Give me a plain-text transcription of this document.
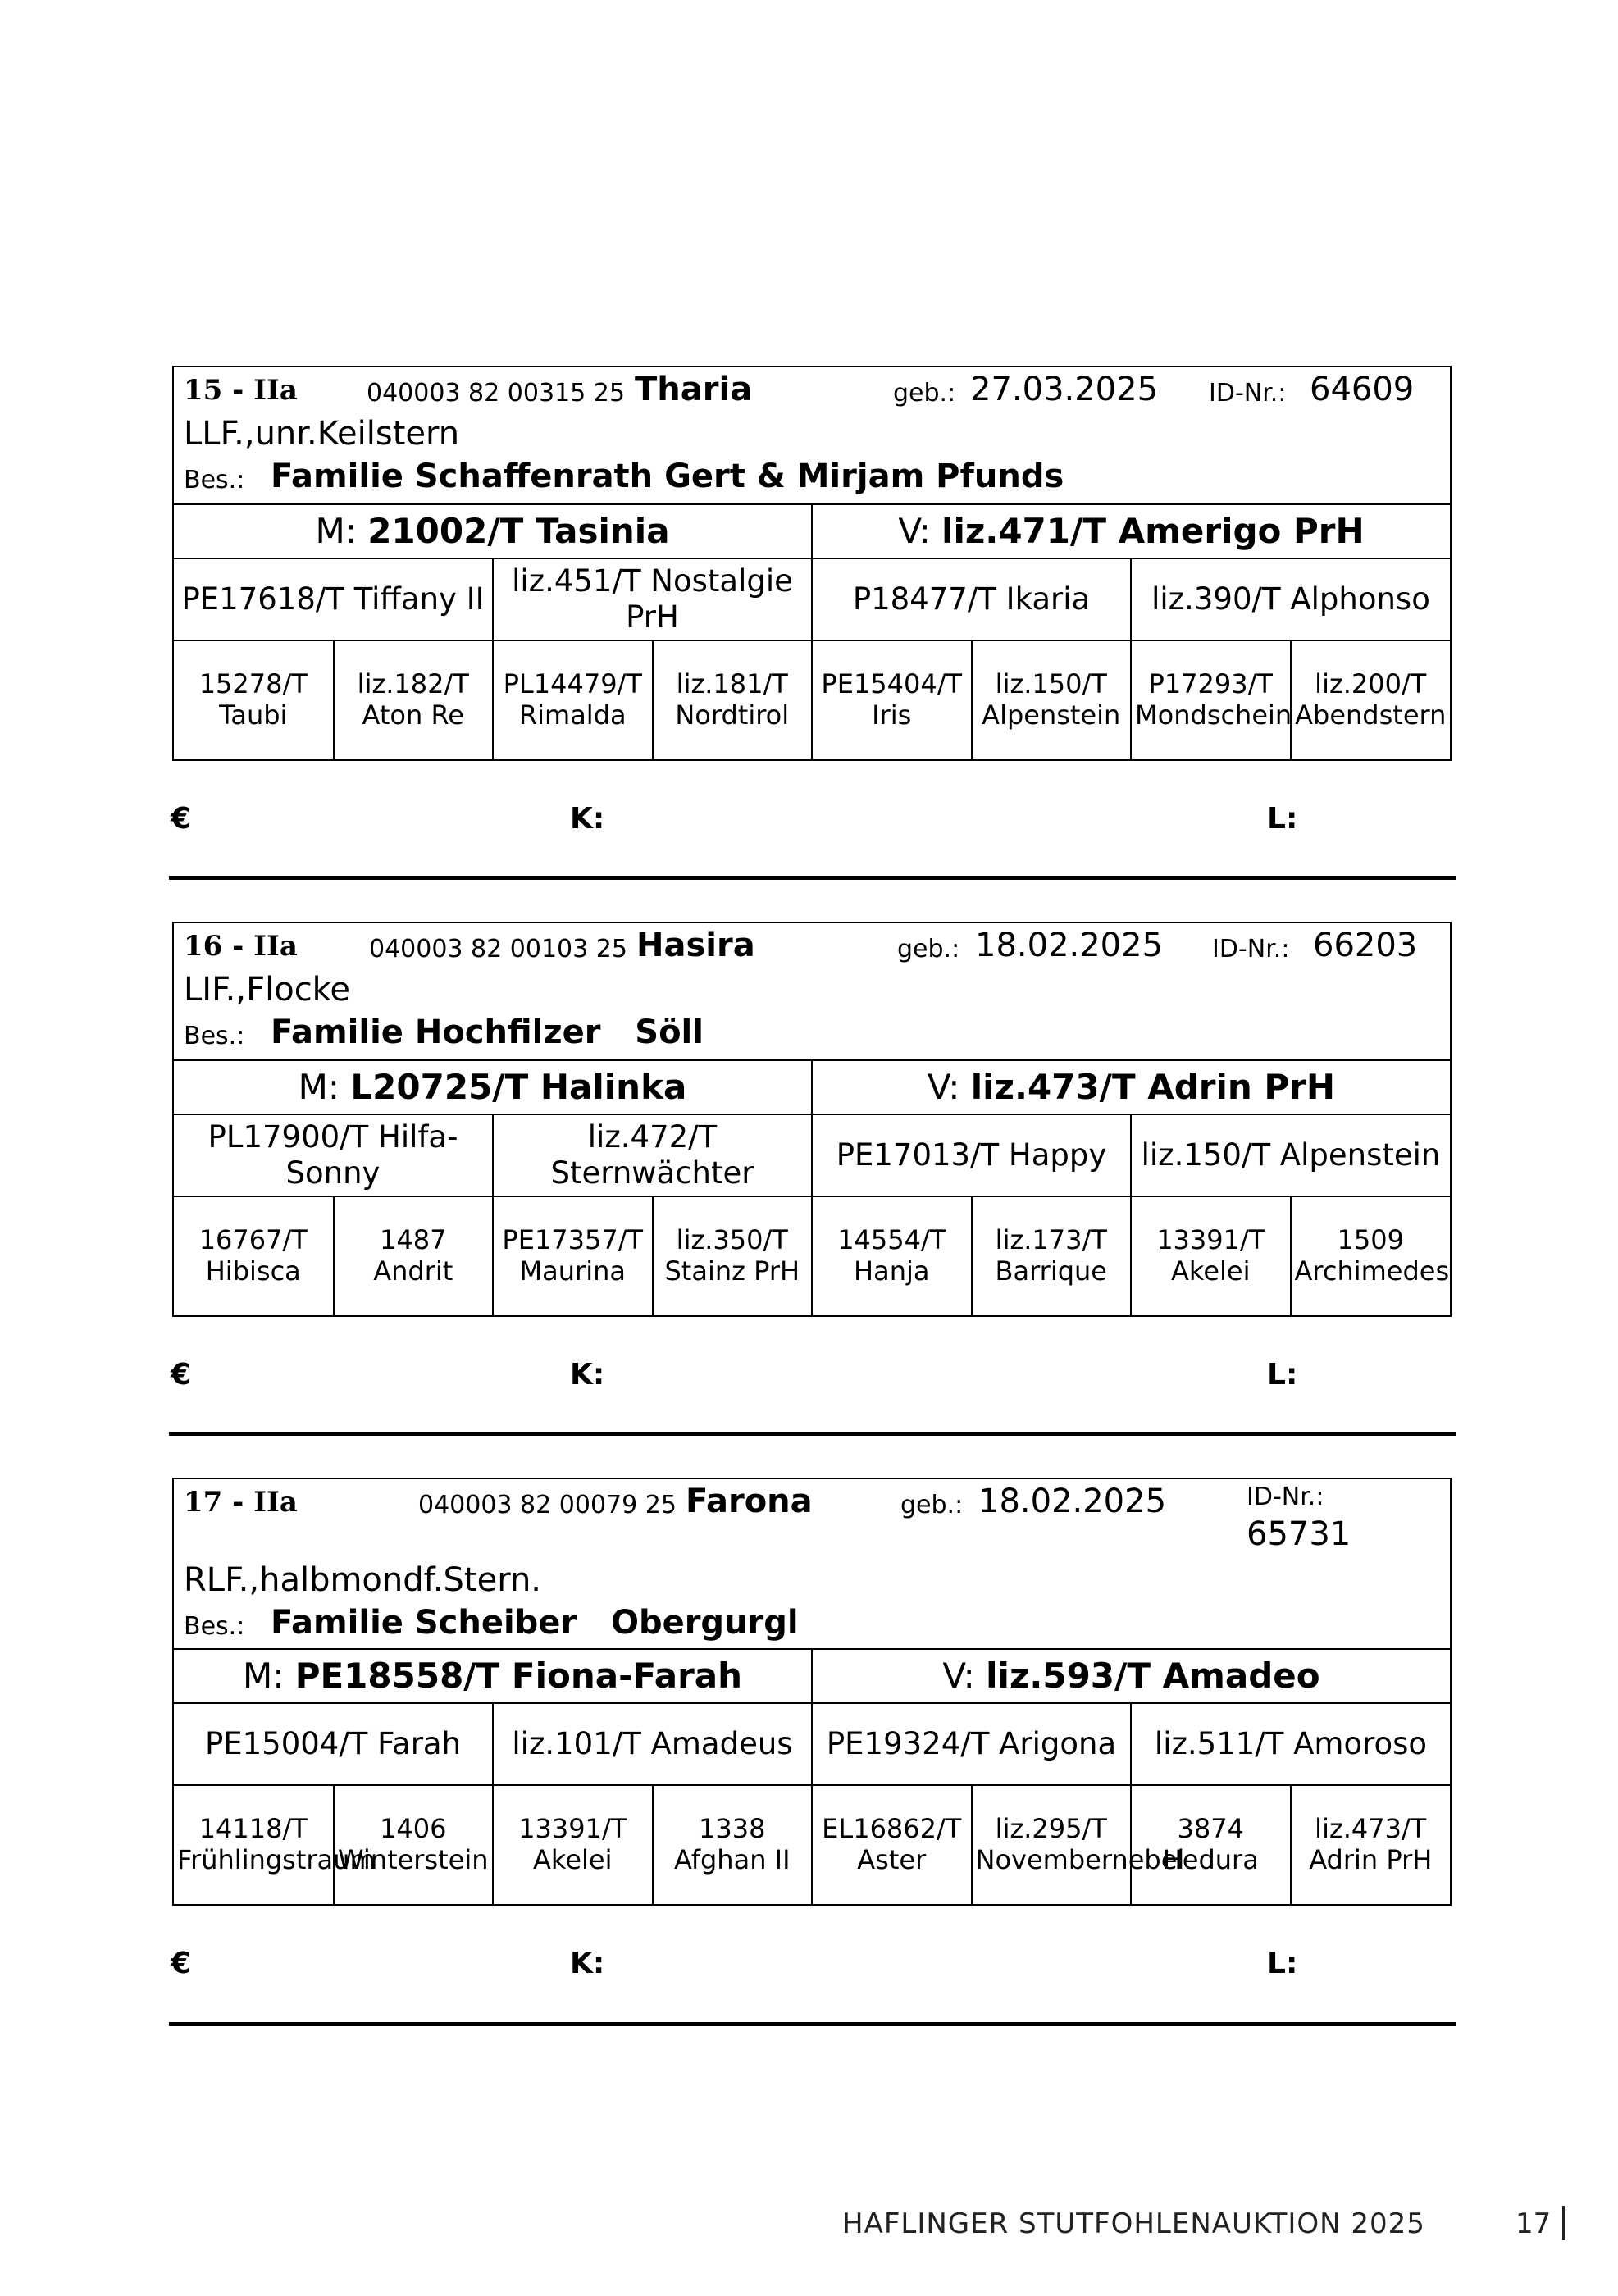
15 - IIa	040003 82 00315 25 Tharia	geb.: 27.03.2025 ID-Nr.: 64609
LLF.,unr.Keilstern
Bes.: Familie Schaffenrath Gert & Mirjam Pfunds
M: 21002/T Tasinia				V: liz.471/T Amerigo PrH			
PE17618/T Tiffany II		liz.451/T Nostalgie PrH		P18477/T Ikaria		liz.390/T Alphonso	
15278/T Taubi	liz.182/T Aton Re	PL14479/T Rimalda	liz.181/T Nordtirol	PE15404/T Iris	liz.150/T Alpenstein	P17293/T Mondschein	liz.200/T Abendstern
€	K:	L:
16 - IIa	040003 82 00103 25 Hasira	geb.: 18.02.2025 ID-Nr.: 66203
LIF.,Flocke
Bes.: Familie Hochfilzer   Söll
M: L20725/T Halinka				V: liz.473/T Adrin PrH			
PL17900/T Hilfa-Sonny		liz.472/T Sternwächter		PE17013/T Happy		liz.150/T Alpenstein	
16767/T Hibisca	1487 Andrit	PE17357/T Maurina	liz.350/T Stainz PrH	14554/T Hanja	liz.173/T Barrique	13391/T Akelei	1509 Archimedes
€	K:	L:
17 - IIa	040003 82 00079 25 Farona	geb.: 18.02.2025	ID-Nr.:
65731
RLF.,halbmondf.Stern.
Bes.: Familie Scheiber   Obergurgl
M: PE18558/T Fiona-Farah				V: liz.593/T Amadeo			
PE15004/T Farah		liz.101/T Amadeus		PE19324/T Arigona		liz.511/T Amoroso	
14118/T Frühlingstraum	1406 Winterstein	13391/T Akelei	1338 Afghan II	EL16862/T Aster	liz.295/T Novembernebel	3874 Hedura	liz.473/T Adrin PrH
€	K:	L:
HAFLINGER STUTFOHLENAUKTION 2025	17
